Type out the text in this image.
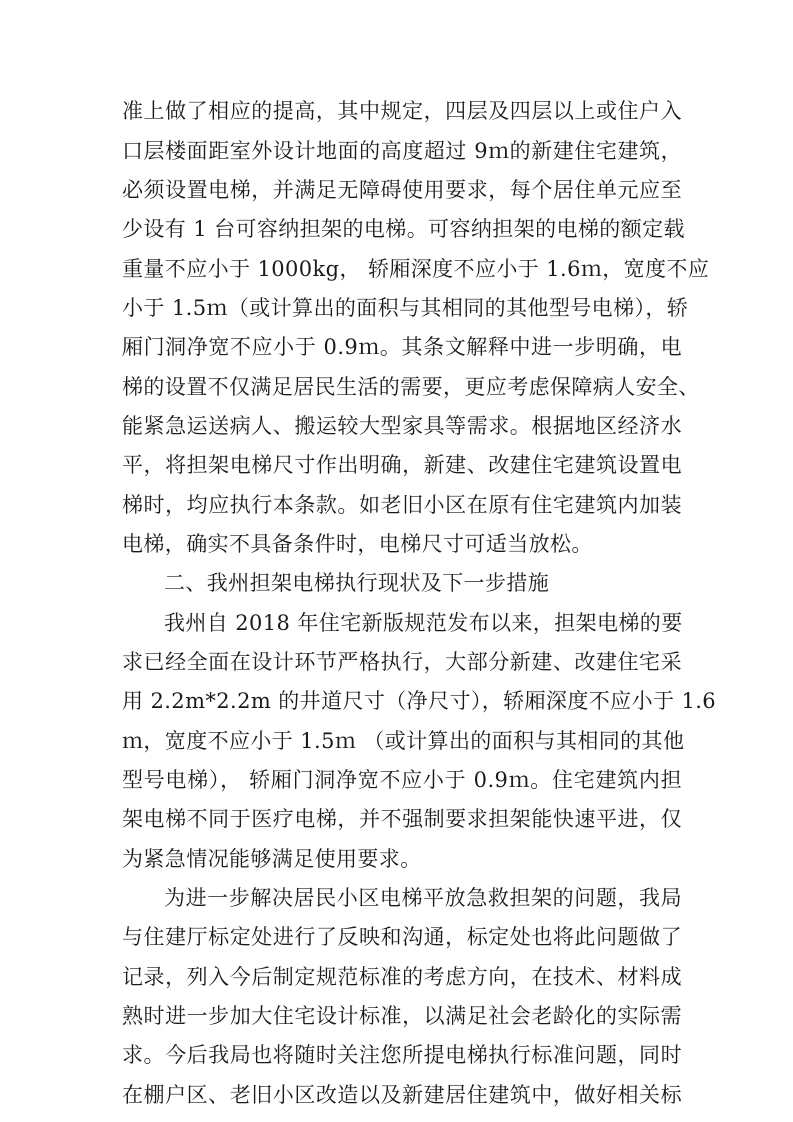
准上做了相应的提高，其中规定，四层及四层以上或住户入
口层楼面距室外设计地面的高度超过 9ｍ的新建住宅建筑，
必须设置电梯，并满足无障碍使用要求，每个居住单元应至
少设有 1 台可容纳担架的电梯。可容纳担架的电梯的额定载
重量不应小于 1000kg， 轿厢深度不应小于 1.6ｍ，宽度不应
小于 1.5ｍ（或计算出的面积与其相同的其他型号电梯），轿
厢门洞净宽不应小于 0.9ｍ。其条文解释中进一步明确，电
梯的设置不仅满足居民生活的需要，更应考虑保障病人安全、
能紧急运送病人、搬运较大型家具等需求。根据地区经济水
平，将担架电梯尺寸作出明确，新建、改建住宅建筑设置电
梯时，均应执行本条款。如老旧小区在原有住宅建筑内加装
电梯，确实不具备条件时，电梯尺寸可适当放松。
二、我州担架电梯执行现状及下一步措施
我州自 2018 年住宅新版规范发布以来，担架电梯的要
求已经全面在设计环节严格执行，大部分新建、改建住宅采
用 2.2m*2.2m 的井道尺寸（净尺寸），轿厢深度不应小于 1.6
ｍ，宽度不应小于 1.5ｍ （或计算出的面积与其相同的其他
型号电梯）， 轿厢门洞净宽不应小于 0.9ｍ。住宅建筑内担
架电梯不同于医疗电梯，并不强制要求担架能快速平进，仅
为紧急情况能够满足使用要求。
为进一步解决居民小区电梯平放急救担架的问题，我局
与住建厅标定处进行了反映和沟通，标定处也将此问题做了
记录，列入今后制定规范标准的考虑方向，在技术、材料成
熟时进一步加大住宅设计标准，以满足社会老龄化的实际需
求。今后我局也将随时关注您所提电梯执行标准问题，同时
在棚户区、老旧小区改造以及新建居住建筑中，做好相关标
